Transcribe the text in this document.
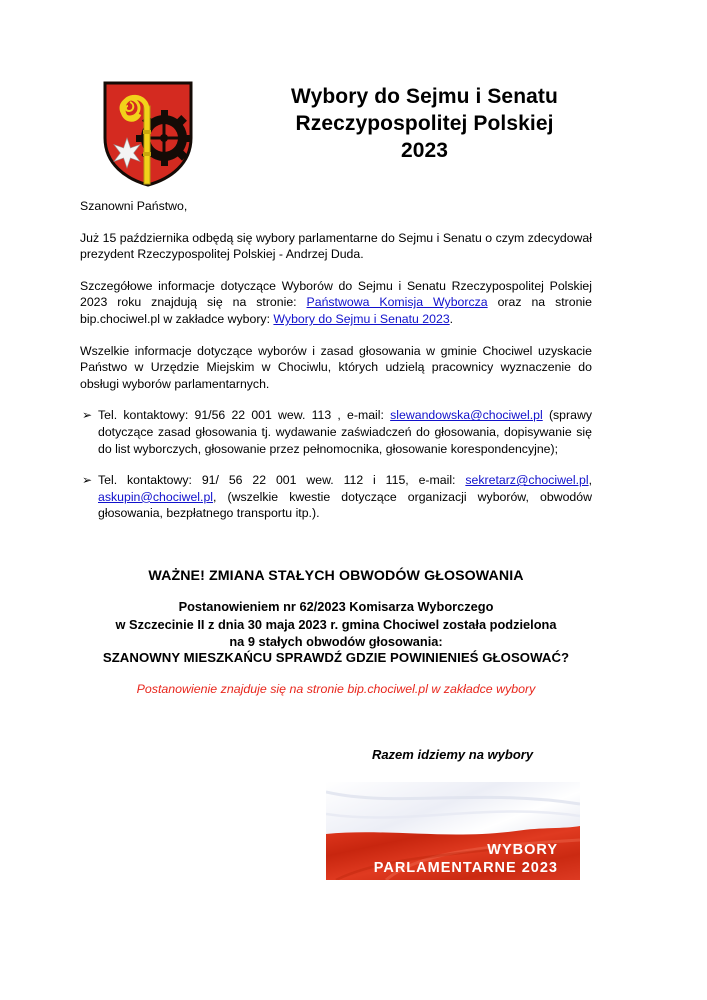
Wybory do Sejmu i Senatu
Rzeczypospolitej Polskiej
2023

Szanowni Państwo,

Już 15 października odbędą się wybory parlamentarne do Sejmu i Senatu o czym zdecydował prezydent Rzeczypospolitej Polskiej - Andrzej Duda.

Szczegółowe informacje dotyczące Wyborów do Sejmu i Senatu Rzeczypospolitej Polskiej 2023 roku znajdują się na stronie: Państwowa Komisja Wyborcza oraz na stronie bip.chociwel.pl w zakładce wybory: Wybory do Sejmu i Senatu 2023.

Wszelkie informacje dotyczące wyborów i zasad głosowania w gminie Chociwel uzyskacie Państwo w Urzędzie Miejskim w Chociwlu, których udzielą pracownicy wyznaczenie do obsługi wyborów parlamentarnych.

➢ Tel. kontaktowy: 91/56 22 001 wew. 113 , e-mail: slewandowska@chociwel.pl (sprawy dotyczące zasad głosowania tj. wydawanie zaświadczeń do głosowania, dopisywanie się do list wyborczych, głosowanie przez pełnomocnika, głosowanie korespondencyjne);
➢ Tel. kontaktowy: 91/ 56 22 001 wew. 112 i 115, e-mail: sekretarz@chociwel.pl, askupin@chociwel.pl, (wszelkie kwestie dotyczące organizacji wyborów, obwodów głosowania, bezpłatnego transportu itp.).
WAŻNE! ZMIANA STAŁYCH OBWODÓW GŁOSOWANIA
Postanowieniem nr 62/2023 Komisarza Wyborczego
w Szczecinie II z dnia 30 maja 2023 r. gmina Chociwel została podzielona
na 9 stałych obwodów głosowania:
SZANOWNY MIESZKAŃCU SPRAWDŹ GDZIE POWINIENIEŚ GŁOSOWAĆ?
Postanowienie znajduje się na stronie bip.chociwel.pl w zakładce wybory
Razem idziemy na wybory
WYBORY
PARLAMENTARNE 2023
